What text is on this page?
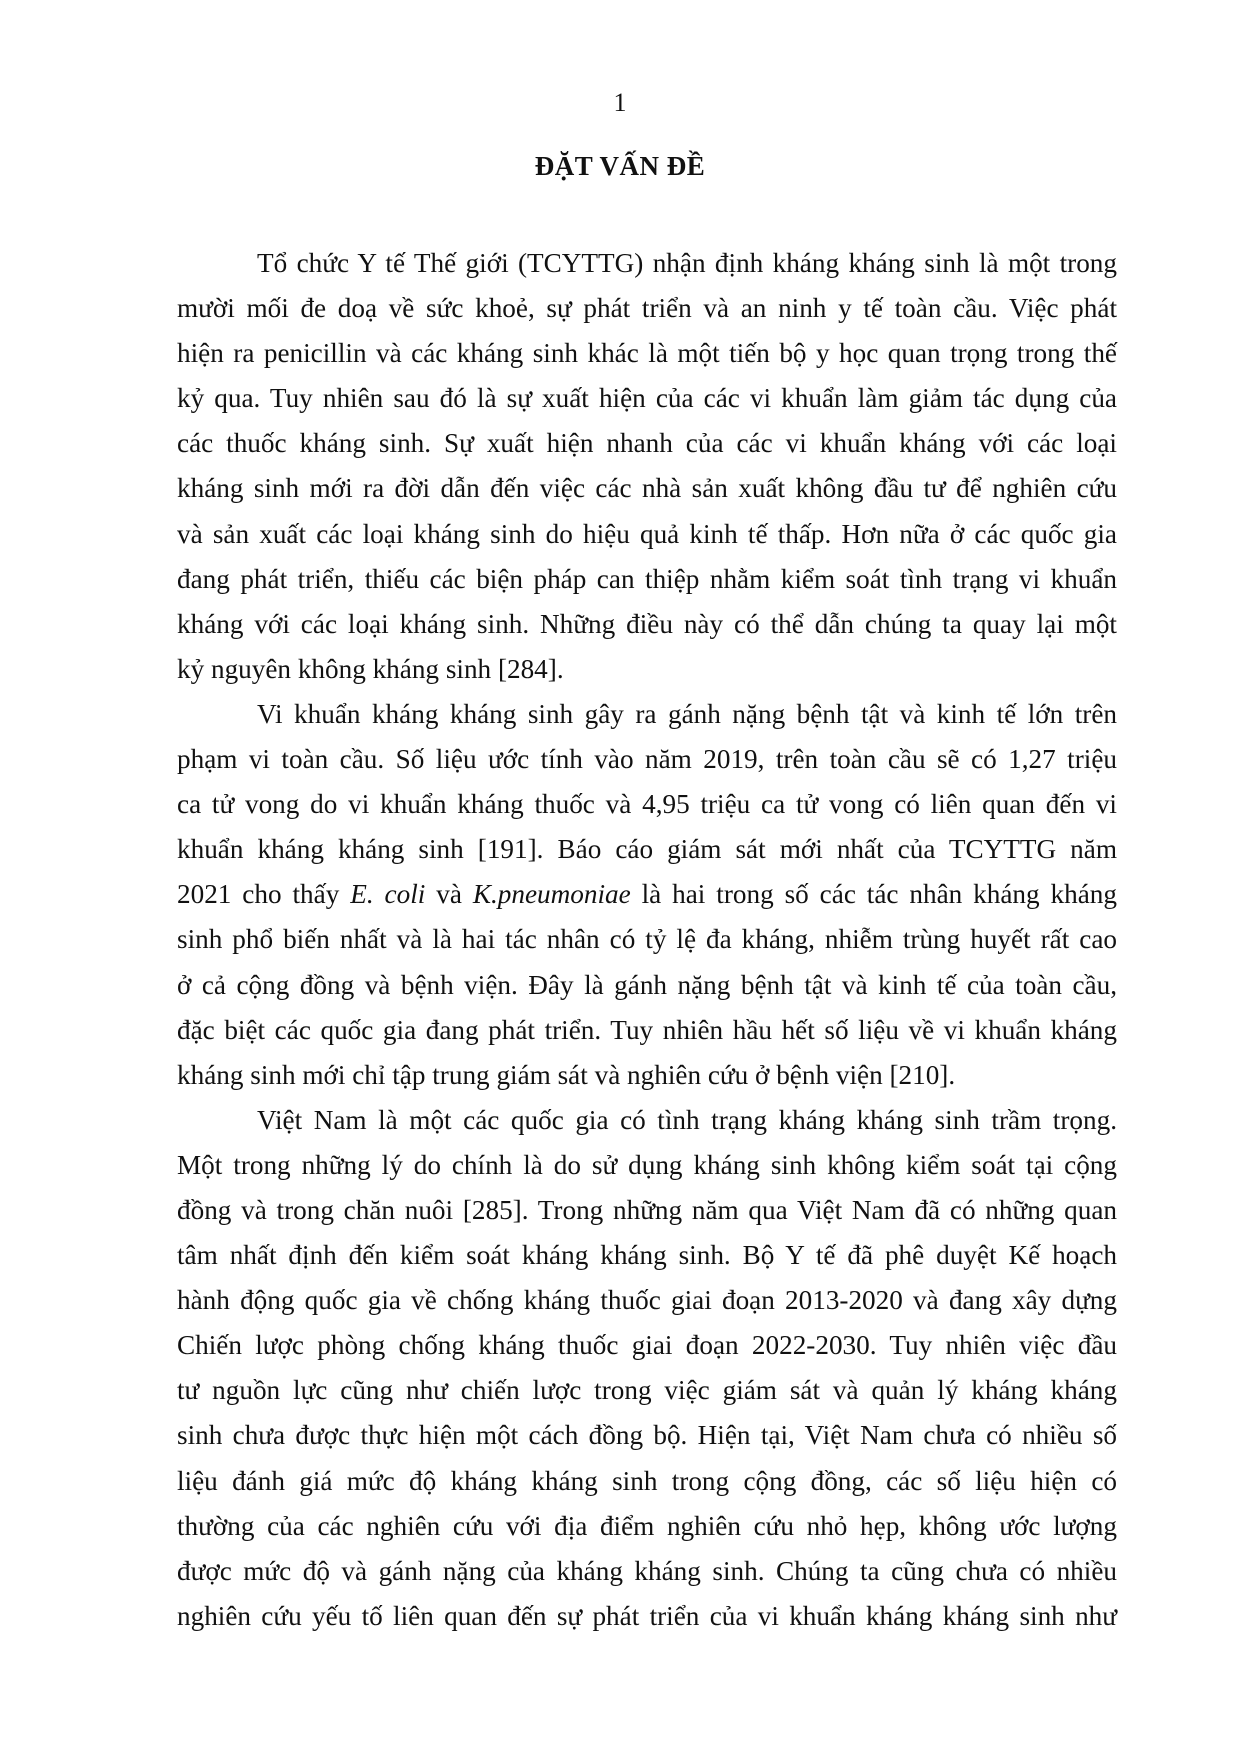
1
ĐẶT VẤN ĐỀ
Tổ chức Y tế Thế giới (TCYTTG) nhận định kháng kháng sinh là một trong
mười mối đe doạ về sức khoẻ, sự phát triển và an ninh y tế toàn cầu. Việc phát
hiện ra penicillin và các kháng sinh khác là một tiến bộ y học quan trọng trong thế
kỷ qua. Tuy nhiên sau đó là sự xuất hiện của các vi khuẩn làm giảm tác dụng của
các thuốc kháng sinh. Sự xuất hiện nhanh của các vi khuẩn kháng với các loại
kháng sinh mới ra đời dẫn đến việc các nhà sản xuất không đầu tư để nghiên cứu
và sản xuất các loại kháng sinh do hiệu quả kinh tế thấp. Hơn nữa ở các quốc gia
đang phát triển, thiếu các biện pháp can thiệp nhằm kiểm soát tình trạng vi khuẩn
kháng với các loại kháng sinh. Những điều này có thể dẫn chúng ta quay lại một
kỷ nguyên không kháng sinh [284].
Vi khuẩn kháng kháng sinh gây ra gánh nặng bệnh tật và kinh tế lớn trên
phạm vi toàn cầu. Số liệu ước tính vào năm 2019, trên toàn cầu sẽ có 1,27 triệu
ca tử vong do vi khuẩn kháng thuốc và 4,95 triệu ca tử vong có liên quan đến vi
khuẩn kháng kháng sinh [191]. Báo cáo giám sát mới nhất của TCYTTG năm
2021 cho thấy E. coli và K.pneumoniae là hai trong số các tác nhân kháng kháng
sinh phổ biến nhất và là hai tác nhân có tỷ lệ đa kháng, nhiễm trùng huyết rất cao
ở cả cộng đồng và bệnh viện. Đây là gánh nặng bệnh tật và kinh tế của toàn cầu,
đặc biệt các quốc gia đang phát triển. Tuy nhiên hầu hết số liệu về vi khuẩn kháng
kháng sinh mới chỉ tập trung giám sát và nghiên cứu ở bệnh viện [210].
Việt Nam là một các quốc gia có tình trạng kháng kháng sinh trầm trọng.
Một trong những lý do chính là do sử dụng kháng sinh không kiểm soát tại cộng
đồng và trong chăn nuôi [285]. Trong những năm qua Việt Nam đã có những quan
tâm nhất định đến kiểm soát kháng kháng sinh. Bộ Y tế đã phê duyệt Kế hoạch
hành động quốc gia về chống kháng thuốc giai đoạn 2013-2020 và đang xây dựng
Chiến lược phòng chống kháng thuốc giai đoạn 2022-2030. Tuy nhiên việc đầu
tư nguồn lực cũng như chiến lược trong việc giám sát và quản lý kháng kháng
sinh chưa được thực hiện một cách đồng bộ. Hiện tại, Việt Nam chưa có nhiều số
liệu đánh giá mức độ kháng kháng sinh trong cộng đồng, các số liệu hiện có
thường của các nghiên cứu với địa điểm nghiên cứu nhỏ hẹp, không ước lượng
được mức độ và gánh nặng của kháng kháng sinh. Chúng ta cũng chưa có nhiều
nghiên cứu yếu tố liên quan đến sự phát triển của vi khuẩn kháng kháng sinh như
